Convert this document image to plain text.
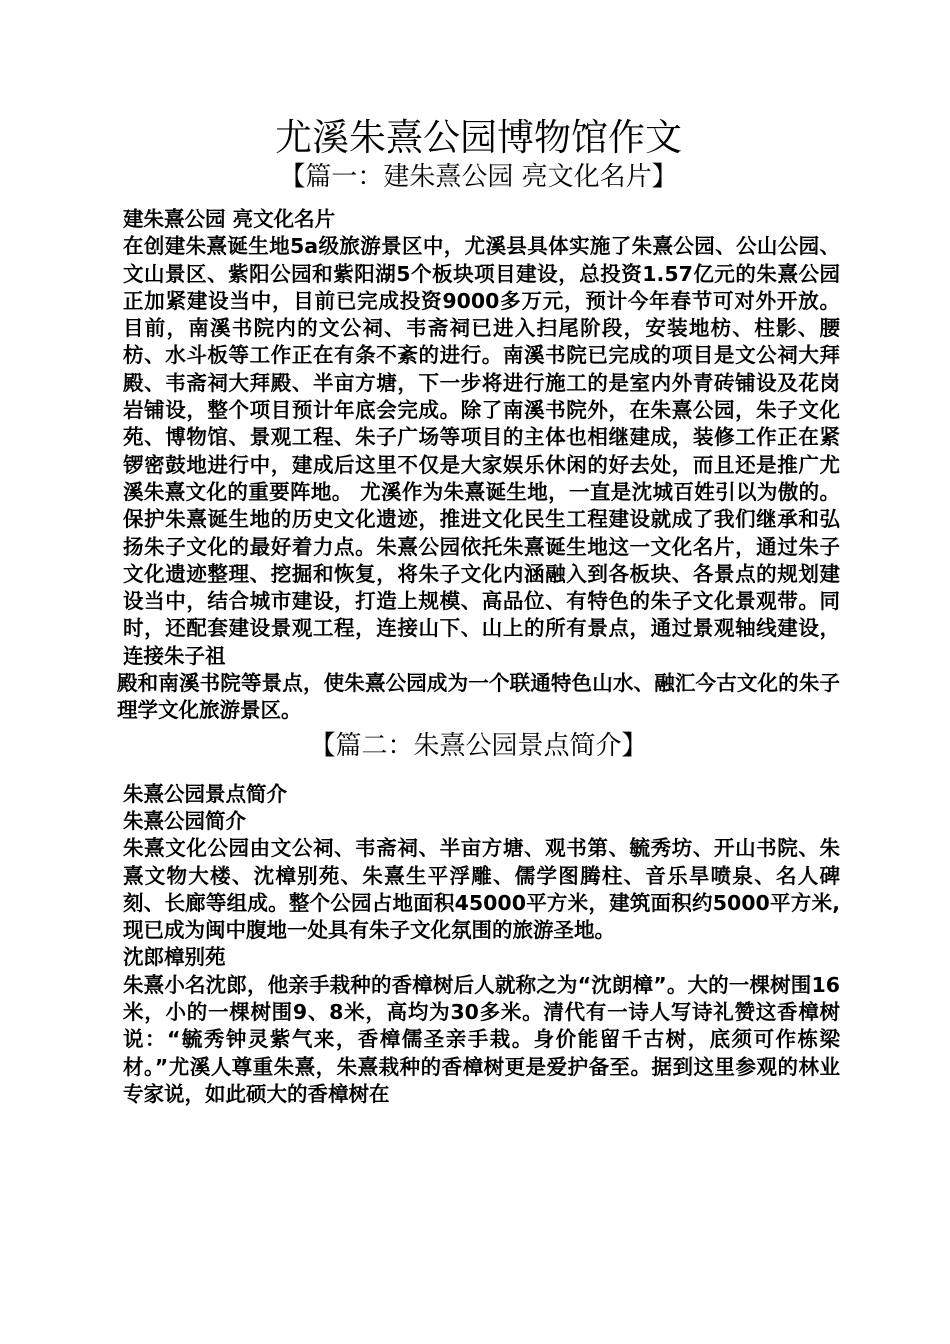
尤溪朱熹公园博物馆作文
【篇一：建朱熹公园 亮文化名片】

建朱熹公园 亮文化名片

在创建朱熹诞生地5a级旅游景区中，尤溪县具体实施了朱熹公园、公山公园、文山景区、紫阳公园和紫阳湖5个板块项目建设，总投资1.57亿元的朱熹公园正加紧建设当中，目前已完成投资9000多万元，预计今年春节可对外开放。 目前，南溪书院内的文公祠、韦斋祠已进入扫尾阶段，安装地枋、柱影、腰枋、水斗板等工作正在有条不紊的进行。南溪书院已完成的项目是文公祠大拜殿、韦斋祠大拜殿、半亩方塘，下一步将进行施工的是室内外青砖铺设及花岗岩铺设，整个项目预计年底会完成。除了南溪书院外，在朱熹公园，朱子文化苑、博物馆、景观工程、朱子广场等项目的主体也相继建成，装修工作正在紧锣密鼓地进行中，建成后这里不仅是大家娱乐休闲的好去处，而且还是推广尤溪朱熹文化的重要阵地。 尤溪作为朱熹诞生地，一直是沈城百姓引以为傲的。保护朱熹诞生地的历史文化遗迹，推进文化民生工程建设就成了我们继承和弘扬朱子文化的最好着力点。朱熹公园依托朱熹诞生地这一文化名片，通过朱子文化遗迹整理、挖掘和恢复，将朱子文化内涵融入到各板块、各景点的规划建设当中，结合城市建设，打造上规模、高品位、有特色的朱子文化景观带。同时，还配套建设景观工程，连接山下、山上的所有景点，通过景观轴线建设，连接朱子祖

殿和南溪书院等景点，使朱熹公园成为一个联通特色山水、融汇今古文化的朱子理学文化旅游景区。

【篇二：朱熹公园景点简介】

朱熹公园景点简介

朱熹公园简介

朱熹文化公园由文公祠、韦斋祠、半亩方塘、观书第、毓秀坊、开山书院、朱熹文物大楼、沈樟别苑、朱熹生平浮雕、儒学图腾柱、音乐旱喷泉、名人碑刻、长廊等组成。整个公园占地面积45000平方米，建筑面积约5000平方米,现已成为闽中腹地一处具有朱子文化氛围的旅游圣地。

沈郎樟别苑

朱熹小名沈郎，他亲手栽种的香樟树后人就称之为“沈朗樟”。大的一棵树围16米，小的一棵树围9、8米，高均为30多米。清代有一诗人写诗礼赞这香樟树说：“毓秀钟灵紫气来，香樟儒圣亲手栽。身价能留千古树，底须可作栋梁材。”尤溪人尊重朱熹，朱熹栽种的香樟树更是爱护备至。据到这里参观的林业专家说，如此硕大的香樟树在
